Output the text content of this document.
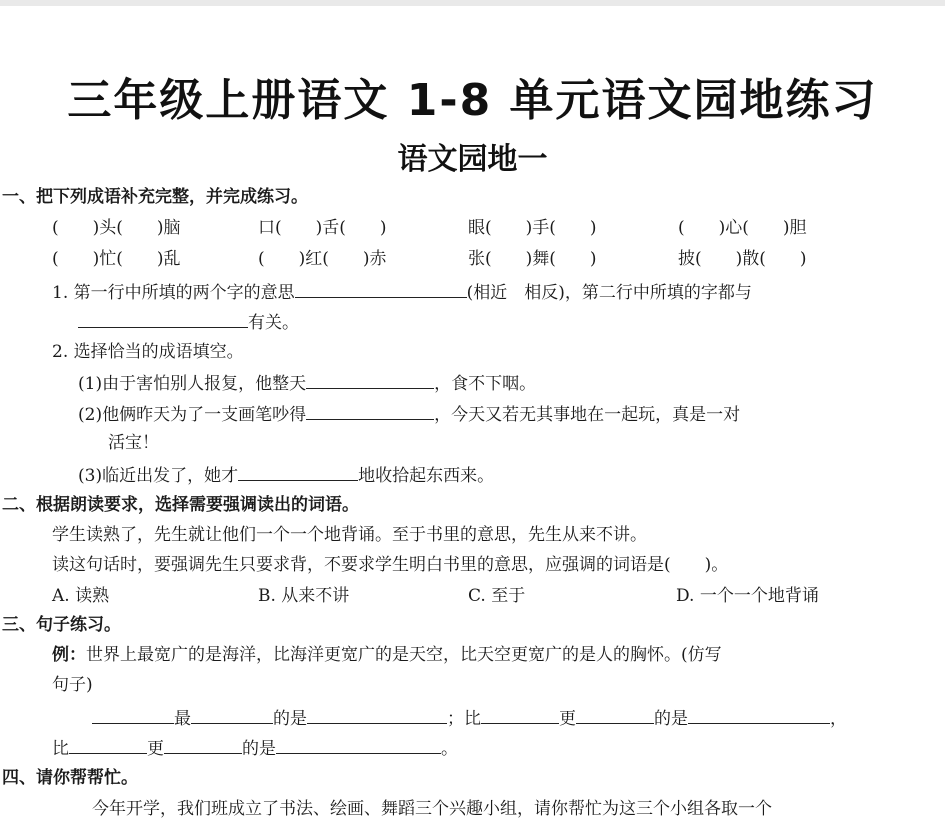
三年级上册语文 1-8 单元语文园地练习
语文园地一
一、把下列成语补充完整，并完成练习。
(　　)头(　　)脑	口(　　)舌(　　)	眼(　　)手(　　)	(　　)心(　　)胆
(　　)忙(　　)乱	(　　)红(　　)赤	张(　　)舞(　　)	披(　　)散(　　)
1. 第一行中所填的两个字的意思	(相近　相反)，第二行中所填的字都与
有关。
2. 选择恰当的成语填空。
(1)由于害怕别人报复，他整天	，食不下咽。
(2)他俩昨天为了一支画笔吵得	，今天又若无其事地在一起玩，真是一对
活宝！
(3)临近出发了，她才	地收拾起东西来。
二、根据朗读要求，选择需要强调读出的词语。
学生读熟了，先生就让他们一个一个地背诵。至于书里的意思，先生从来不讲。
读这句话时，要强调先生只要求背，不要求学生明白书里的意思，应强调的词语是(　　)。
A. 读熟	B. 从来不讲	C. 至于	D. 一个一个地背诵
三、句子练习。
例：世界上最宽广的是海洋，比海洋更宽广的是天空，比天空更宽广的是人的胸怀。(仿写
句子)
最	的是	；比	更	的是	，
比	更	的是	。
四、请你帮帮忙。
今年开学，我们班成立了书法、绘画、舞蹈三个兴趣小组，请你帮忙为这三个小组各取一个
